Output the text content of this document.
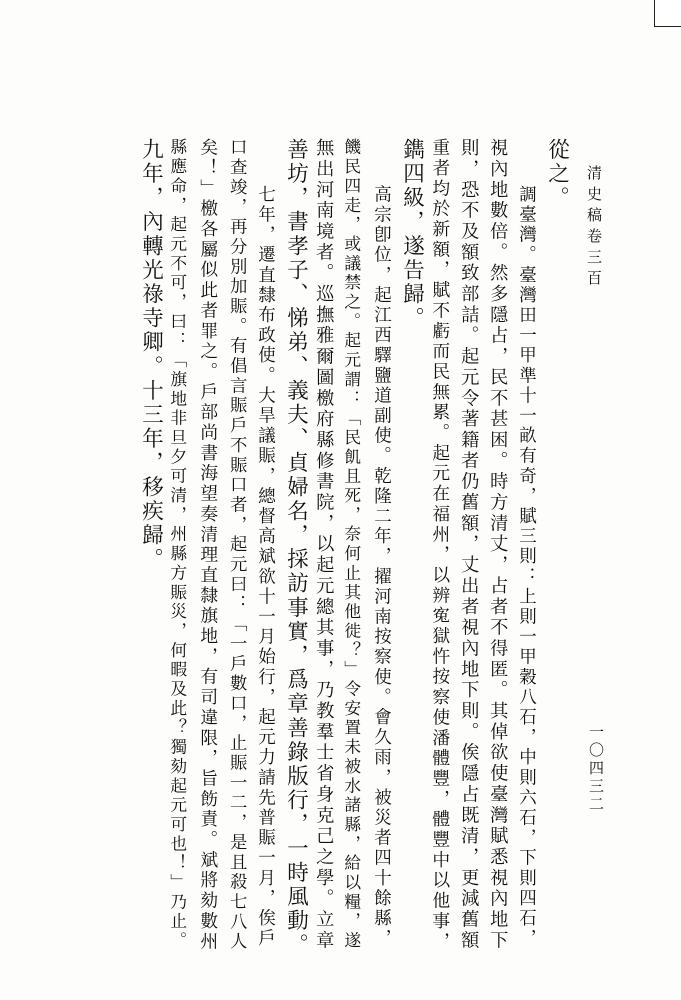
清史稿卷三百
一〇四三二
從之。
調臺灣。臺灣田一甲準十一畝有奇，賦三則：上則一甲穀八石，中則六石，下則四石，
視內地數倍。然多隱占，民不甚困。時方清丈，占者不得匿。其倬欲使臺灣賦悉視內地下
則，恐不及額致部詰。起元令著籍者仍舊額，丈出者視內地下則。俟隱占既清，更減舊額
重者均於新額，賦不虧而民無累。起元在福州，以辨寃獄忤按察使潘體豐，體豐中以他事，
鐫四級，遂告歸。
高宗卽位，起江西驛鹽道副使。乾隆二年，擢河南按察使。會久雨，被災者四十餘縣，
饑民四走，或議禁之。起元謂：「民飢且死，奈何止其他徙？」令安置未被水諸縣，給以糧，遂
無出河南境者。巡撫雅爾圖檄府縣修書院，以起元總其事，乃教羣士省身克己之學。立章
善坊，書孝子、悌弟、義夫、貞婦名，採訪事實，爲章善錄版行，一時風動。
七年，遷直隸布政使。大旱議賑，總督高斌欲十一月始行，起元力請先普賑一月，俟戶
口查竣，再分別加賑。有倡言賑戶不賑口者，起元曰：「一戶數口，止賑一二，是且殺七八人
矣！」檄各屬似此者罪之。戶部尚書海望奏清理直隸旗地，有司違限，旨飭責。斌將劾數州
縣應命，起元不可，曰：「旗地非旦夕可清，州縣方賑災，何暇及此？獨劾起元可也！」乃止。
九年，內轉光祿寺卿。十三年，移疾歸。
